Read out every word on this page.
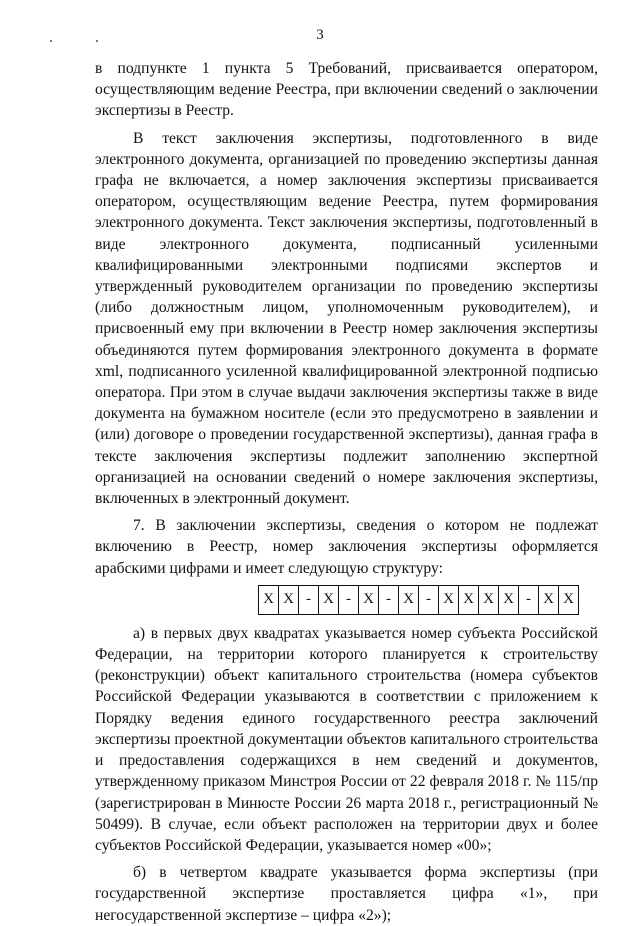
3

в подпункте 1 пункта 5 Требований, присваивается оператором, осуществляющим ведение Реестра, при включении сведений о заключении экспертизы в Реестр.

В текст заключения экспертизы, подготовленного в виде электронного документа, организацией по проведению экспертизы данная графа не включается, а номер заключения экспертизы присваивается оператором, осуществляющим ведение Реестра, путем формирования электронного документа. Текст заключения экспертизы, подготовленный в виде электронного документа, подписанный усиленными квалифицированными электронными подписями экспертов и утвержденный руководителем организации по проведению экспертизы (либо должностным лицом, уполномоченным руководителем), и присвоенный ему при включении в Реестр номер заключения экспертизы объединяются путем формирования электронного документа в формате xml, подписанного усиленной квалифицированной электронной подписью оператора. При этом в случае выдачи заключения экспертизы также в виде документа на бумажном носителе (если это предусмотрено в заявлении и (или) договоре о проведении государственной экспертизы), данная графа в тексте заключения экспертизы подлежит заполнению экспертной организацией на основании сведений о номере заключения экспертизы, включенных в электронный документ.

7. В заключении экспертизы, сведения о котором не подлежат включению в Реестр, номер заключения экспертизы оформляется арабскими цифрами и имеет следующую структуру:

X	X	-	X	-	X	-	X	-	X	X	X	X	-	X	X

а) в первых двух квадратах указывается номер субъекта Российской Федерации, на территории которого планируется к строительству (реконструкции) объект капитального строительства (номера субъектов Российской Федерации указываются в соответствии с приложением к Порядку ведения единого государственного реестра заключений экспертизы проектной документации объектов капитального строительства и предоставления содержащихся в нем сведений и документов, утвержденному приказом Минстроя России от 22 февраля 2018 г. № 115/пр (зарегистрирован в Минюсте России 26 марта 2018 г., регистрационный № 50499). В случае, если объект расположен на территории двух и более субъектов Российской Федерации, указывается номер «00»;

б) в четвертом квадрате указывается форма экспертизы (при государственной экспертизе проставляется цифра «1», при негосударственной экспертизе – цифра «2»);
